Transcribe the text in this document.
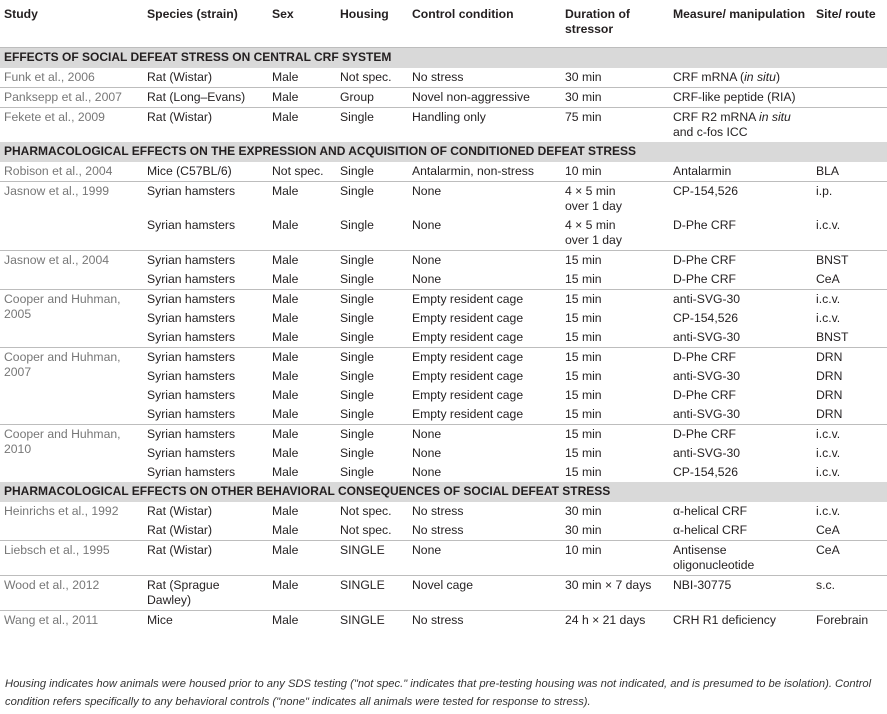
Study	Species (strain)	Sex	Housing	Control condition	Duration of stressor	Measure/ manipulation	Site/ route
EFFECTS OF SOCIAL DEFEAT STRESS ON CENTRAL CRF SYSTEM							
Funk et al., 2006	Rat (Wistar)	Male	Not spec.	No stress	30 min	CRF mRNA (in situ)	
Panksepp et al., 2007	Rat (Long–Evans)	Male	Group	Novel non-aggressive	30 min	CRF-like peptide (RIA)	
Fekete et al., 2009	Rat (Wistar)	Male	Single	Handling only	75 min	CRF R2 mRNA in situ
and c-fos ICC	
PHARMACOLOGICAL EFFECTS ON THE EXPRESSION AND ACQUISITION OF CONDITIONED DEFEAT STRESS							
Robison et al., 2004	Mice (C57BL/6)	Not spec.	Single	Antalarmin, non-stress	10 min	Antalarmin	BLA
Jasnow et al., 1999	Syrian hamsters	Male	Single	None	4 × 5 min
over 1 day	CP-154,526	i.p.
	Syrian hamsters	Male	Single	None	4 × 5 min
over 1 day	D-Phe CRF	i.c.v.
Jasnow et al., 2004	Syrian hamsters	Male	Single	None	15 min	D-Phe CRF	BNST
	Syrian hamsters	Male	Single	None	15 min	D-Phe CRF	CeA
Cooper and Huhman,
2005	Syrian hamsters	Male	Single	Empty resident cage	15 min	anti-SVG-30	i.c.v.
	Syrian hamsters	Male	Single	Empty resident cage	15 min	CP-154,526	i.c.v.
	Syrian hamsters	Male	Single	Empty resident cage	15 min	anti-SVG-30	BNST
Cooper and Huhman,
2007	Syrian hamsters	Male	Single	Empty resident cage	15 min	D-Phe CRF	DRN
	Syrian hamsters	Male	Single	Empty resident cage	15 min	anti-SVG-30	DRN
	Syrian hamsters	Male	Single	Empty resident cage	15 min	D-Phe CRF	DRN
	Syrian hamsters	Male	Single	Empty resident cage	15 min	anti-SVG-30	DRN
Cooper and Huhman,
2010	Syrian hamsters	Male	Single	None	15 min	D-Phe CRF	i.c.v.
	Syrian hamsters	Male	Single	None	15 min	anti-SVG-30	i.c.v.
	Syrian hamsters	Male	Single	None	15 min	CP-154,526	i.c.v.
PHARMACOLOGICAL EFFECTS ON OTHER BEHAVIORAL CONSEQUENCES OF SOCIAL DEFEAT STRESS							
Heinrichs et al., 1992	Rat (Wistar)	Male	Not spec.	No stress	30 min	α-helical CRF	i.c.v.
	Rat (Wistar)	Male	Not spec.	No stress	30 min	α-helical CRF	CeA
Liebsch et al., 1995	Rat (Wistar)	Male	SINGLE	None	10 min	Antisense
oligonucleotide	CeA
Wood et al., 2012	Rat (Sprague
Dawley)	Male	SINGLE	Novel cage	30 min × 7 days	NBI-30775	s.c.
Wang et al., 2011	Mice	Male	SINGLE	No stress	24 h × 21 days	CRH R1 deficiency	Forebrain
Housing indicates how animals were housed prior to any SDS testing ("not spec." indicates that pre-testing housing was not indicated, and is presumed to be isolation). Control condition refers specifically to any behavioral controls ("none" indicates all animals were tested for response to stress).
